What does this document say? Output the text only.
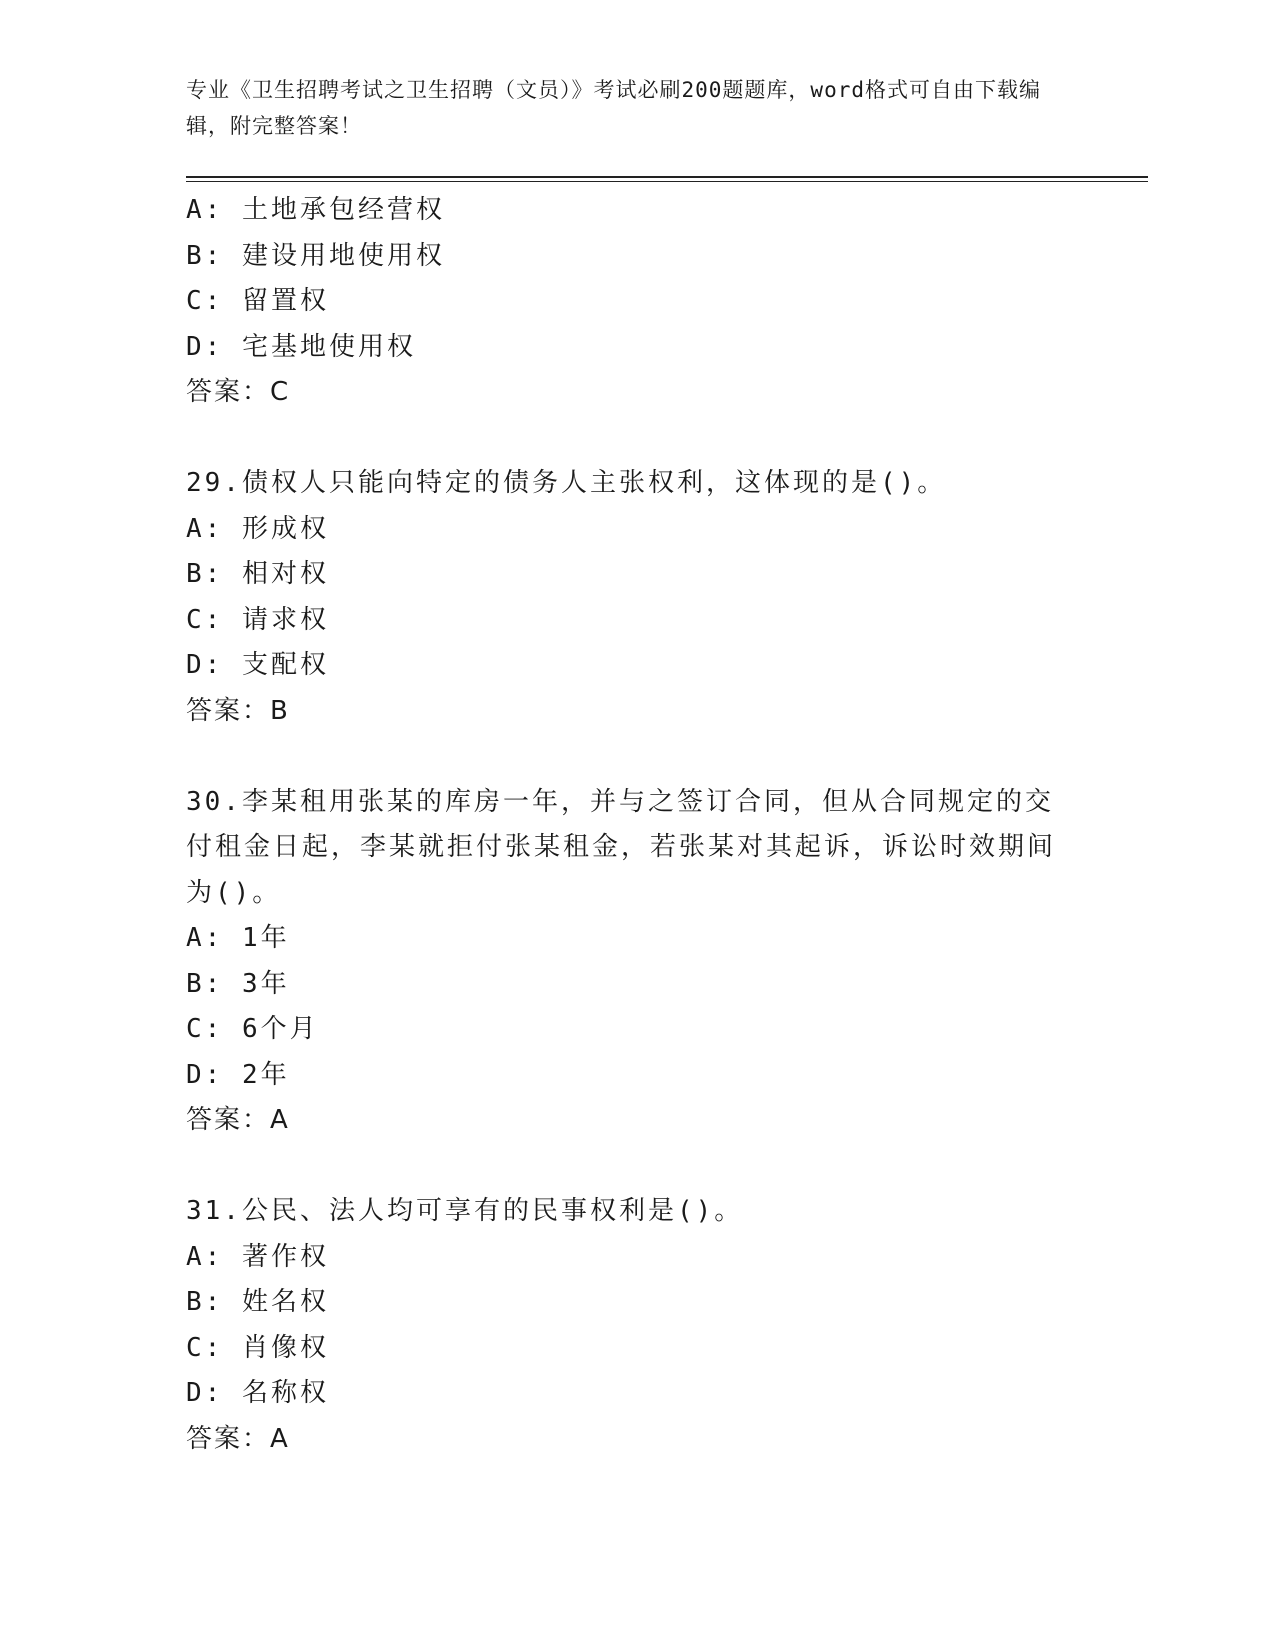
专业《卫生招聘考试之卫生招聘（文员）》考试必刷200题题库，word格式可自由下载编辑，附完整答案！
A: 土地承包经营权
B: 建设用地使用权
C: 留置权
D: 宅基地使用权
答案：C
29.债权人只能向特定的债务人主张权利，这体现的是()。
A: 形成权
B: 相对权
C: 请求权
D: 支配权
答案：B
30.李某租用张某的库房一年，并与之签订合同，但从合同规定的交付租金日起，李某就拒付张某租金，若张某对其起诉，诉讼时效期间为()。
A: 1年
B: 3年
C: 6个月
D: 2年
答案：A
31.公民、法人均可享有的民事权利是()。
A: 著作权
B: 姓名权
C: 肖像权
D: 名称权
答案：A
